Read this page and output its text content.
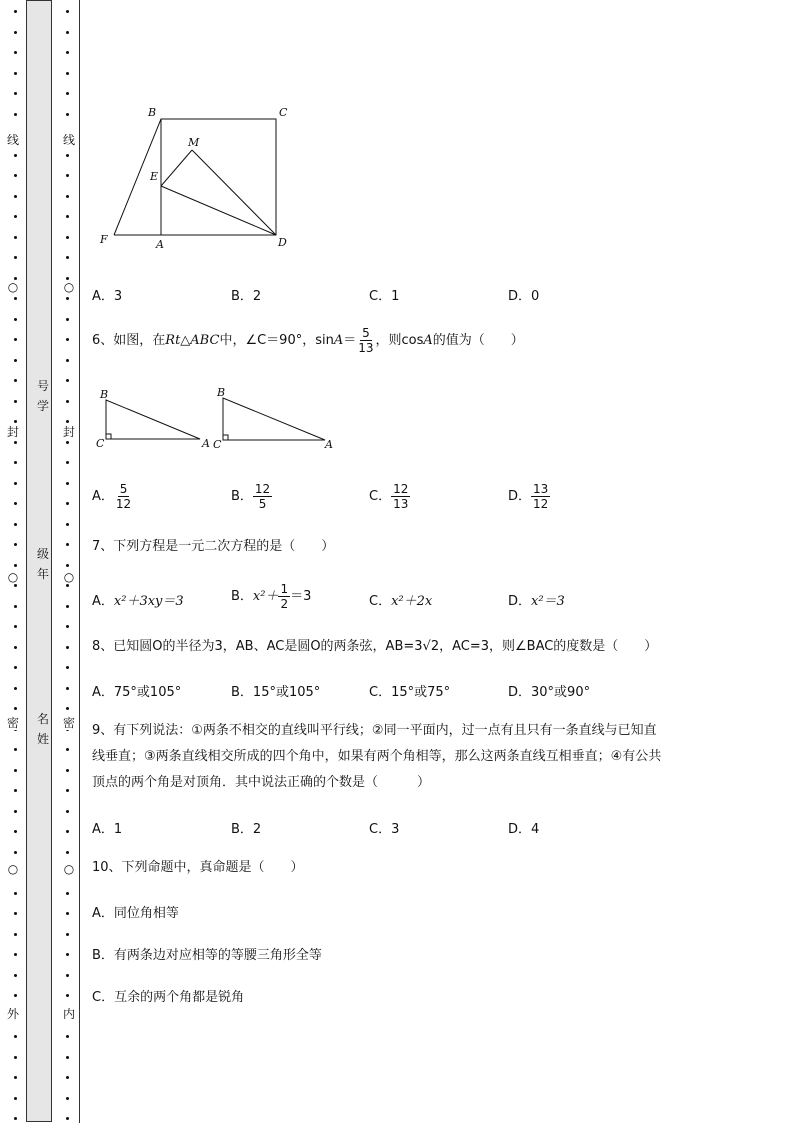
线
○
封
○
密
○
外
线
○
封
○
密
○
内
号
学
级
年
名
姓
B	C
M
E
F	A	D
A．3	B．2	C．1	D．0
6、如图，在Rt△ABC中，∠C＝90°，$\sin A= \frac{5}{13}$ ，则cosA的值为（　　）
B
C	A
B
C	A
A． $\frac{5}{12}$	B． $\frac{12}{5}$	C． $\frac{12}{13}$	D． $\frac{13}{12}$
7、下列方程是一元二次方程的是（　　）
A．x²＋3xy＝3	B．$x^2+ \frac{1}{2} =3$	C．x²＋2x	D．x²＝3
8、已知圆O的半径为3，AB、AC是圆O的两条弦，AB=3√2，AC=3，则∠BAC的度数是（　　）
A．75°或105°	B．15°或105°	C．15°或75°	D．30°或90°
9、有下列说法：①两条不相交的直线叫平行线；②同一平面内，过一点有且只有一条直线与已知直
线垂直；③两条直线相交所成的四个角中，如果有两个角相等，那么这两条直线互相垂直；④有公共
顶点的两个角是对顶角．其中说法正确的个数是（　　　）
A．1	B．2	C．3	D．4
10、下列命题中，真命题是（　　）
A．同位角相等
B．有两条边对应相等的等腰三角形全等
C．互余的两个角都是锐角
